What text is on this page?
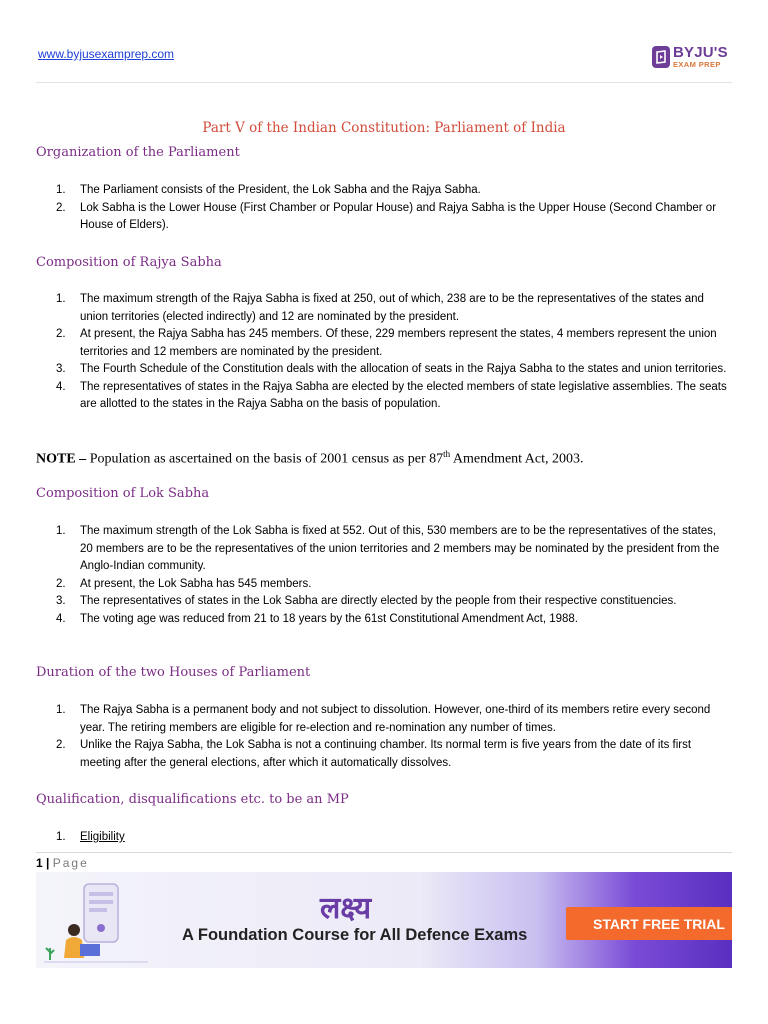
www.byjusexamprep.com	BYJU'S
EXAM PREP
Part V of the Indian Constitution: Parliament of India
Organization of the Parliament
1.	The Parliament consists of the President, the Lok Sabha and the Rajya Sabha.
2.	Lok Sabha is the Lower House (First Chamber or Popular House) and Rajya Sabha is the Upper House (Second Chamber or House of Elders).
Composition of Rajya Sabha
1.	The maximum strength of the Rajya Sabha is fixed at 250, out of which, 238 are to be the representatives of the states and union territories (elected indirectly) and 12 are nominated by the president.
2.	At present, the Rajya Sabha has 245 members. Of these, 229 members represent the states, 4 members represent the union territories and 12 members are nominated by the president.
3.	The Fourth Schedule of the Constitution deals with the allocation of seats in the Rajya Sabha to the states and union territories.
4.	The representatives of states in the Rajya Sabha are elected by the elected members of state legislative assemblies. The seats are allotted to the states in the Rajya Sabha on the basis of population.
NOTE – Population as ascertained on the basis of 2001 census as per 87th Amendment Act, 2003.
Composition of Lok Sabha
1.	The maximum strength of the Lok Sabha is fixed at 552. Out of this, 530 members are to be the representatives of the states, 20 members are to be the representatives of the union territories and 2 members may be nominated by the president from the Anglo-Indian community.
2.	At present, the Lok Sabha has 545 members.
3.	The representatives of states in the Lok Sabha are directly elected by the people from their respective constituencies.
4.	The voting age was reduced from 21 to 18 years by the 61st Constitutional Amendment Act, 1988.
Duration of the two Houses of Parliament
1.	The Rajya Sabha is a permanent body and not subject to dissolution. However, one-third of its members retire every second year. The retiring members are eligible for re-election and re-nomination any number of times.
2.	Unlike the Rajya Sabha, the Lok Sabha is not a continuing chamber. Its normal term is five years from the date of its first meeting after the general elections, after which it automatically dissolves.
Qualification, disqualifications etc. to be an MP
1.	Eligibility
1 | Page
लक्ष्य
A Foundation Course for All Defence Exams
START FREE TRIAL
